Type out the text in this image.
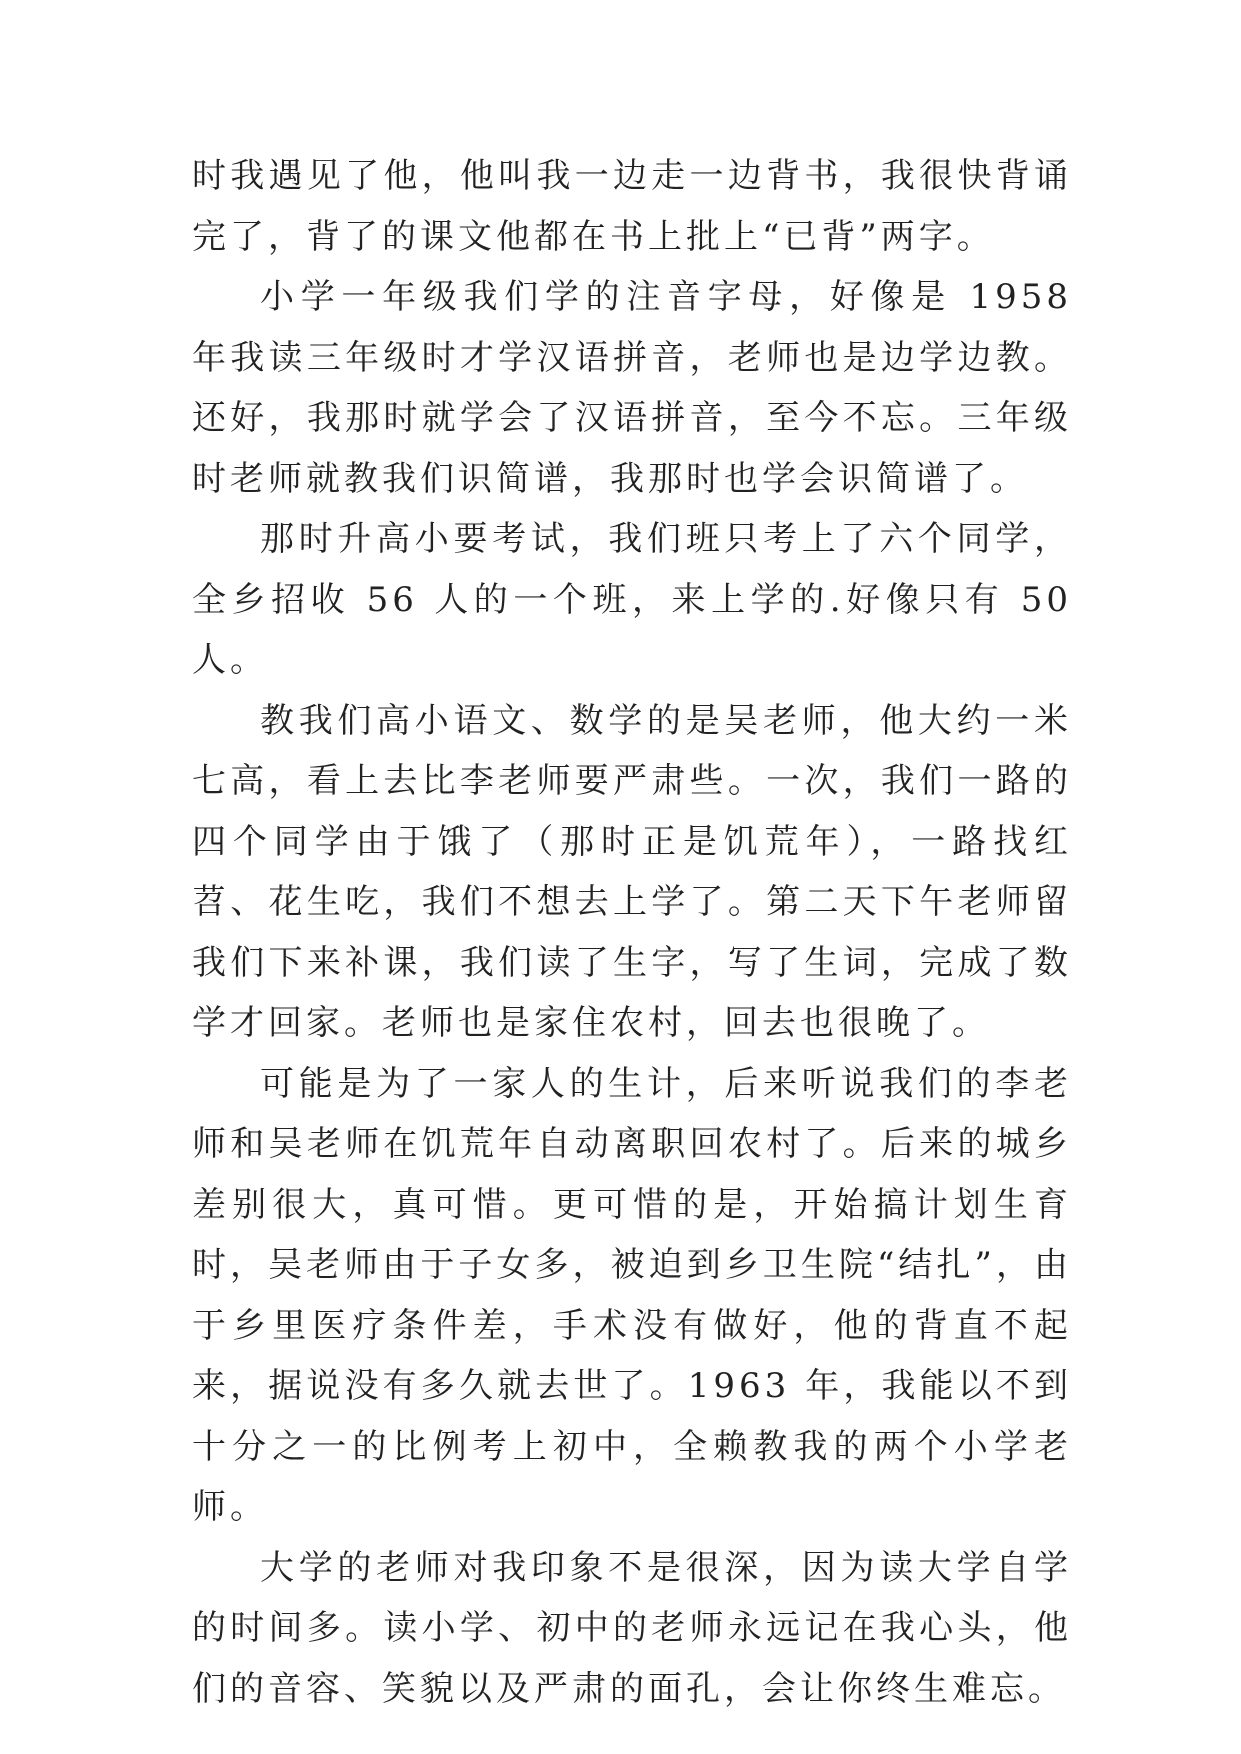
时我遇见了他，他叫我一边走一边背书，我很快背诵完了，背了的课文他都在书上批上“已背”两字。

小学一年级我们学的注音字母，好像是 1958 年我读三年级时才学汉语拼音，老师也是边学边教。还好，我那时就学会了汉语拼音，至今不忘。三年级时老师就教我们识简谱，我那时也学会识简谱了。

那时升高小要考试，我们班只考上了六个同学，全乡招收 56 人的一个班，来上学的.好像只有 50 人。

教我们高小语文、数学的是吴老师，他大约一米七高，看上去比李老师要严肃些。一次，我们一路的四个同学由于饿了（那时正是饥荒年），一路找红苕、花生吃，我们不想去上学了。第二天下午老师留我们下来补课，我们读了生字，写了生词，完成了数学才回家。老师也是家住农村，回去也很晚了。

可能是为了一家人的生计，后来听说我们的李老师和吴老师在饥荒年自动离职回农村了。后来的城乡差别很大，真可惜。更可惜的是，开始搞计划生育时，吴老师由于子女多，被迫到乡卫生院“结扎”，由于乡里医疗条件差，手术没有做好，他的背直不起来，据说没有多久就去世了。1963 年，我能以不到十分之一的比例考上初中，全赖教我的两个小学老师。

大学的老师对我印象不是很深，因为读大学自学的时间多。读小学、初中的老师永远记在我心头，他们的音容、笑貌以及严肃的面孔，会让你终生难忘。
